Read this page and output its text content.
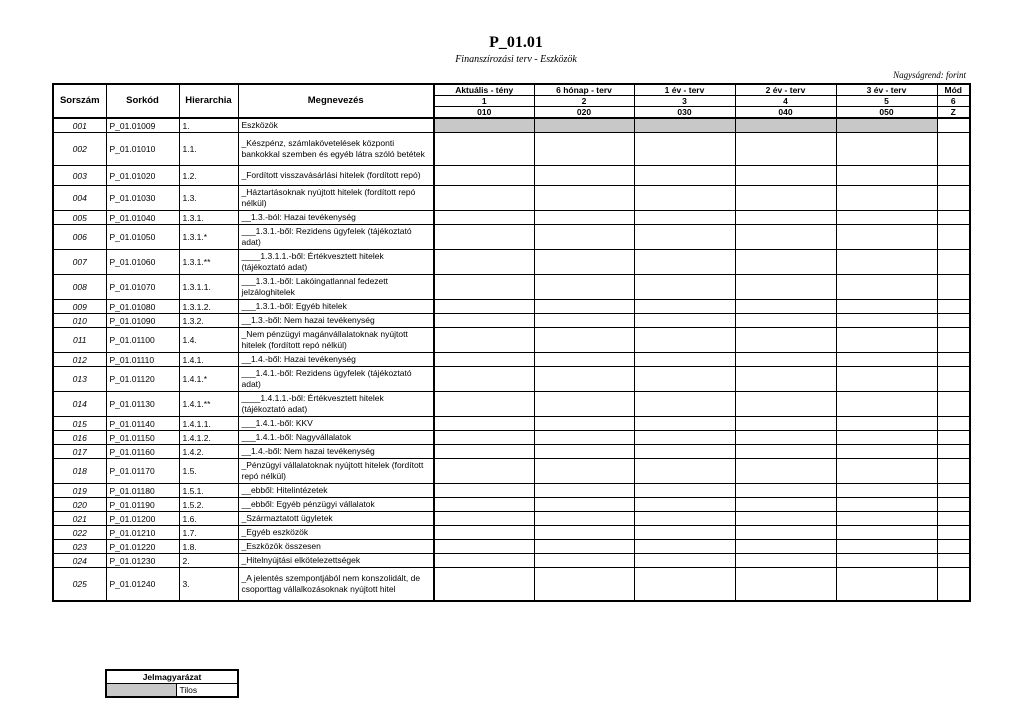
P_01.01
Finanszírozási terv - Eszközök
Nagyságrend: forint
Sorszám	Sorkód	Hierarchia	Megnevezés	Aktuális - tény	6 hónap - terv	1 év - terv	2 év - terv	3 év - terv	Mód
				1	2	3	4	5	6
				010	020	030	040	050	Z
001	P_01.01009	1.	Eszközök						
002	P_01.01010	1.1.	_Készpénz, számlakövetelések központi bankokkal szemben és egyéb látra szóló betétek						
003	P_01.01020	1.2.	_Fordított visszavásárlási hitelek (fordított repó)						
004	P_01.01030	1.3.	_Háztartásoknak nyújtott hitelek (fordított repó nélkül)						
005	P_01.01040	1.3.1.	__1.3.-ból: Hazai tevékenység						
006	P_01.01050	1.3.1.*	___1.3.1.-ből: Rezidens ügyfelek (tájékoztató adat)						
007	P_01.01060	1.3.1.**	____1.3.1.1.-ből: Értékvesztett hitelek (tájékoztató adat)						
008	P_01.01070	1.3.1.1.	___1.3.1.-ből: Lakóingatlannal fedezett jelzáloghitelek						
009	P_01.01080	1.3.1.2.	___1.3.1.-ből: Egyéb hitelek						
010	P_01.01090	1.3.2.	__1.3.-ből: Nem hazai tevékenység						
011	P_01.01100	1.4.	_Nem pénzügyi magánvállalatoknak nyújtott hitelek (fordított repó nélkül)						
012	P_01.01110	1.4.1.	__1.4.-ből: Hazai tevékenység						
013	P_01.01120	1.4.1.*	___1.4.1.-ből: Rezidens ügyfelek (tájékoztató adat)						
014	P_01.01130	1.4.1.**	____1.4.1.1.-ből: Értékvesztett hitelek (tájékoztató adat)						
015	P_01.01140	1.4.1.1.	___1.4.1.-ből: KKV						
016	P_01.01150	1.4.1.2.	___1.4.1.-ből: Nagyvállalatok						
017	P_01.01160	1.4.2.	__1.4.-ből: Nem hazai tevékenység						
018	P_01.01170	1.5.	_Pénzügyi vállalatoknak nyújtott hitelek (fordított repó nélkül)						
019	P_01.01180	1.5.1.	__ebből: Hitelintézetek						
020	P_01.01190	1.5.2.	__ebből: Egyéb pénzügyi vállalatok						
021	P_01.01200	1.6.	_Származtatott ügyletek						
022	P_01.01210	1.7.	_Egyéb eszközök						
023	P_01.01220	1.8.	_Eszközök összesen						
024	P_01.01230	2.	_Hitelnyújtási elkötelezettségek						
025	P_01.01240	3.	_A jelentés szempontjából nem konszolidált, de csoporttag vállalkozásoknak nyújtott hitel						
Jelmagyarázat
	Tilos
